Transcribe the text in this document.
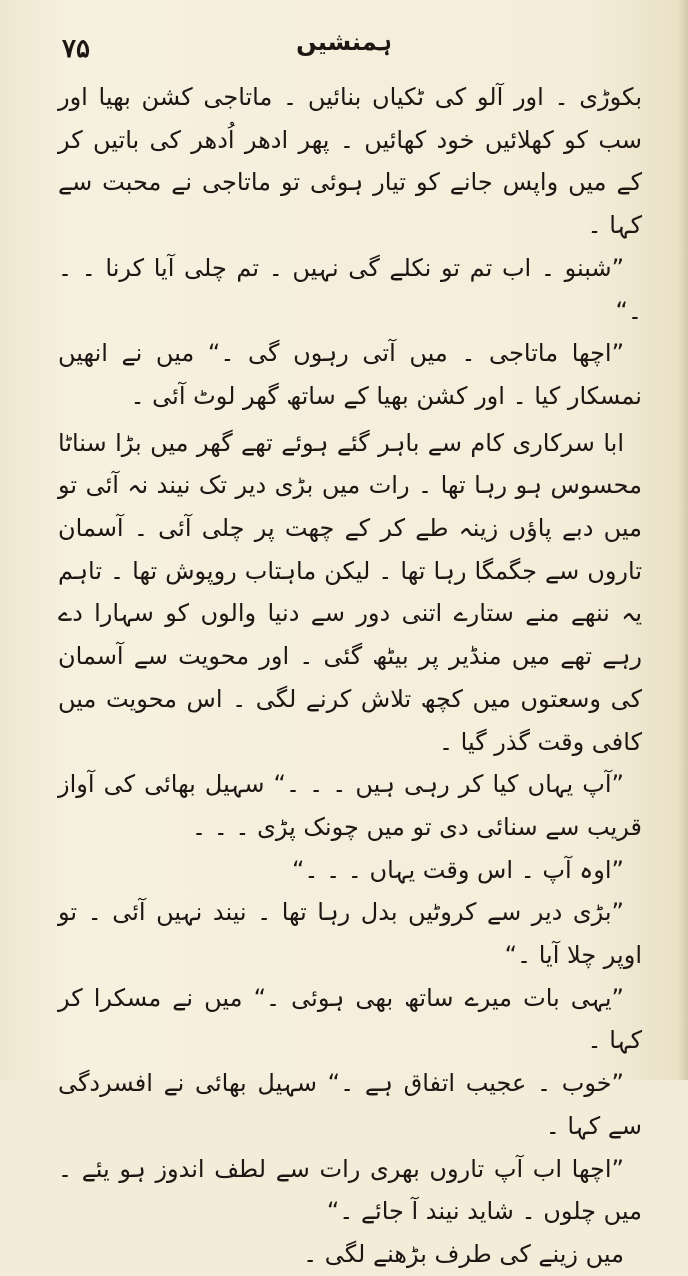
۷۵	ہمنشیں

بکوڑی ۔ اور آلو کی ٹکیاں بنائیں ۔ ماتاجی کشن بھیا اور سب کو کھلائیں خود کھائیں ۔ پھر ادھر اُدھر کی باتیں کر کے میں واپس جانے کو تیار ہوئی تو ماتاجی نے محبت سے کہا ۔

”شبنو ۔ اب تم تو نکلے گی نہیں ۔ تم چلی آیا کرنا ۔ ۔ ۔“

”اچھا ماتاجی ۔ میں آتی رہوں گی ۔“ میں نے انھیں نمسکار کیا ۔ اور کشن بھیا کے ساتھ گھر لوٹ آئی ۔

ابا سرکاری کام سے باہر گئے ہوئے تھے گھر میں بڑا سناٹا محسوس ہو رہا تھا ۔ رات میں بڑی دیر تک نیند نہ آئی تو میں دبے پاؤں زینہ طے کر کے چھت پر چلی آئی ۔ آسمان تاروں سے جگمگا رہا تھا ۔ لیکن ماہتاب روپوش تھا ۔ تاہم یہ ننھے منے ستارے اتنی دور سے دنیا والوں کو سہارا دے رہے تھے میں منڈیر پر بیٹھ گئی ۔ اور محویت سے آسمان کی وسعتوں میں کچھ تلاش کرنے لگی ۔ اس محویت میں کافی وقت گذر گیا ۔

”آپ یہاں کیا کر رہی ہیں ۔ ۔ ۔“ سہیل بھائی کی آواز قریب سے سنائی دی تو میں چونک پڑی ۔ ۔ ۔

”اوہ آپ ۔ اس وقت یہاں ۔ ۔ ۔“

”بڑی دیر سے کروٹیں بدل رہا تھا ۔ نیند نہیں آئی ۔ تو اوپر چلا آیا ۔“

”یہی بات میرے ساتھ بھی ہوئی ۔“ میں نے مسکرا کر کہا ۔

”خوب ۔ عجیب اتفاق ہے ۔“ سہیل بھائی نے افسردگی سے کہا ۔

”اچھا اب آپ تاروں بھری رات سے لطف اندوز ہو یئے ۔ میں چلوں ۔ شاید نیند آ جائے ۔“

میں زینے کی طرف بڑھنے لگی ۔
